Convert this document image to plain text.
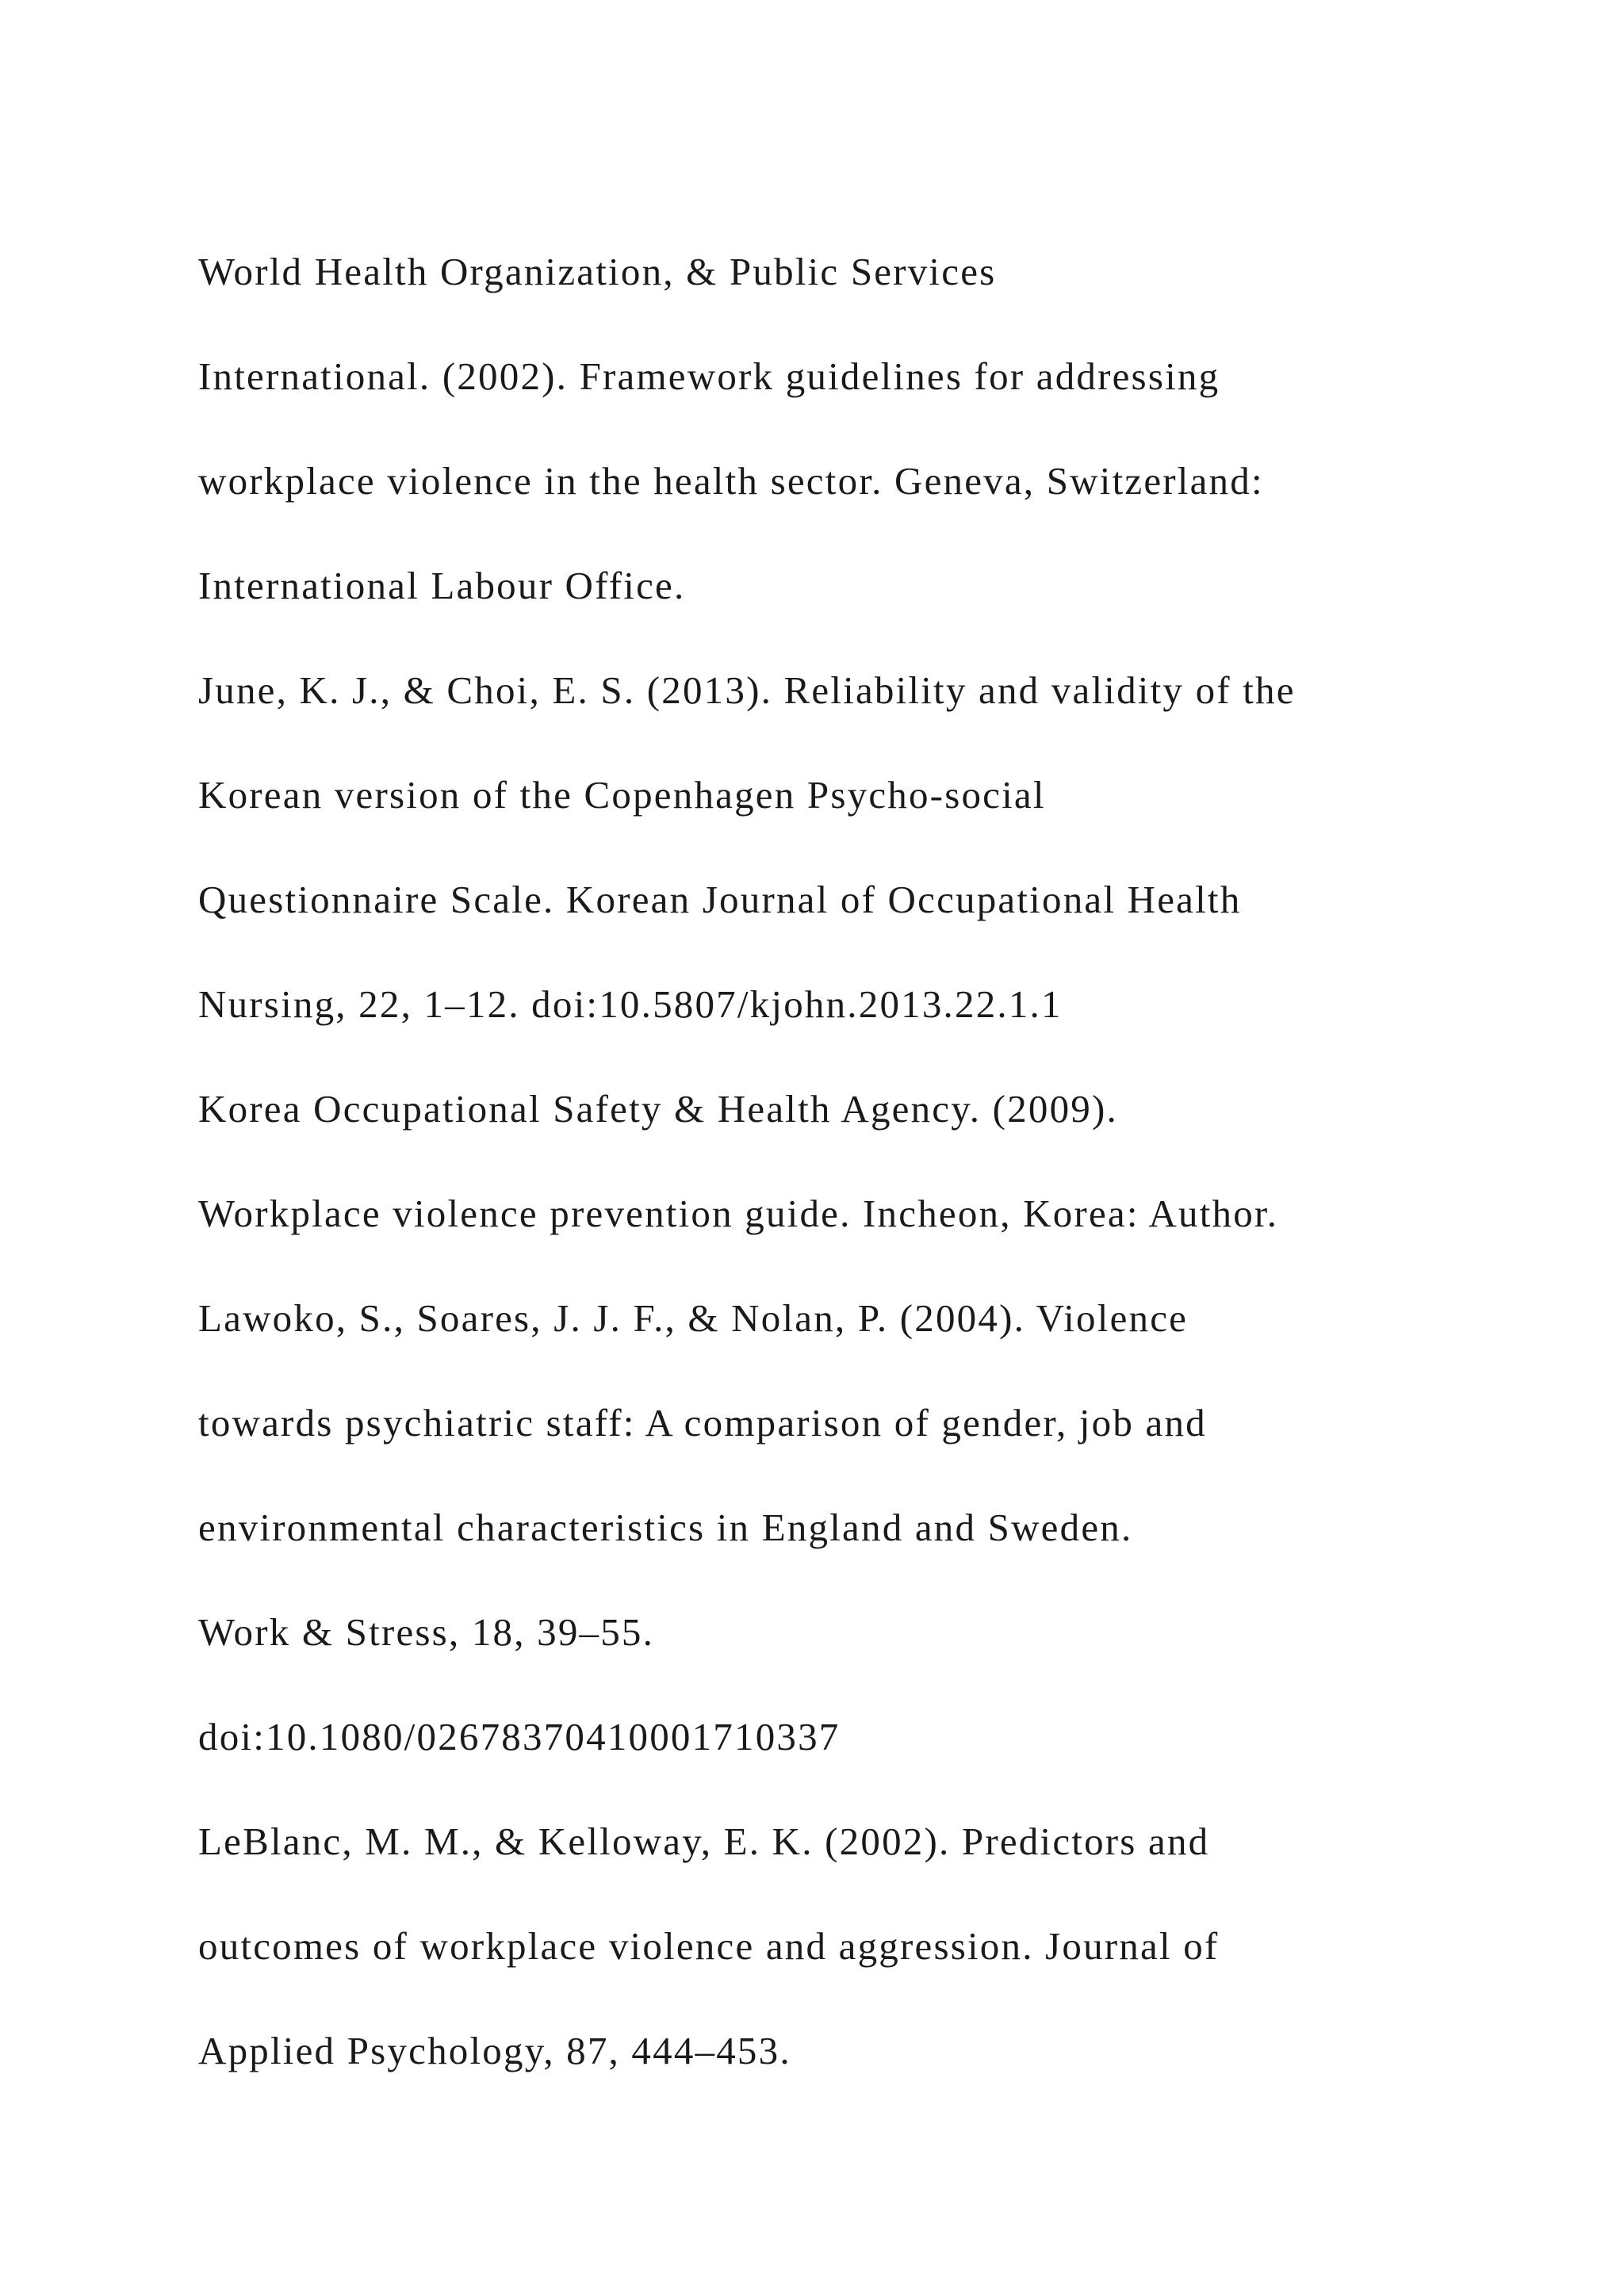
World Health Organization, & Public Services

International. (2002). Framework guidelines for addressing

workplace violence in the health sector. Geneva, Switzerland:

International Labour Office.

June, K. J., & Choi, E. S. (2013). Reliability and validity of the

Korean version of the Copenhagen Psycho-social

Questionnaire Scale. Korean Journal of Occupational Health

Nursing, 22, 1–12. doi:10.5807/kjohn.2013.22.1.1

Korea Occupational Safety & Health Agency. (2009).

Workplace violence prevention guide. Incheon, Korea: Author.

Lawoko, S., Soares, J. J. F., & Nolan, P. (2004). Violence

towards psychiatric staff: A comparison of gender, job and

environmental characteristics in England and Sweden.

Work & Stress, 18, 39–55.

doi:10.1080/02678370410001710337

LeBlanc, M. M., & Kelloway, E. K. (2002). Predictors and

outcomes of workplace violence and aggression. Journal of

Applied Psychology, 87, 444–453.
